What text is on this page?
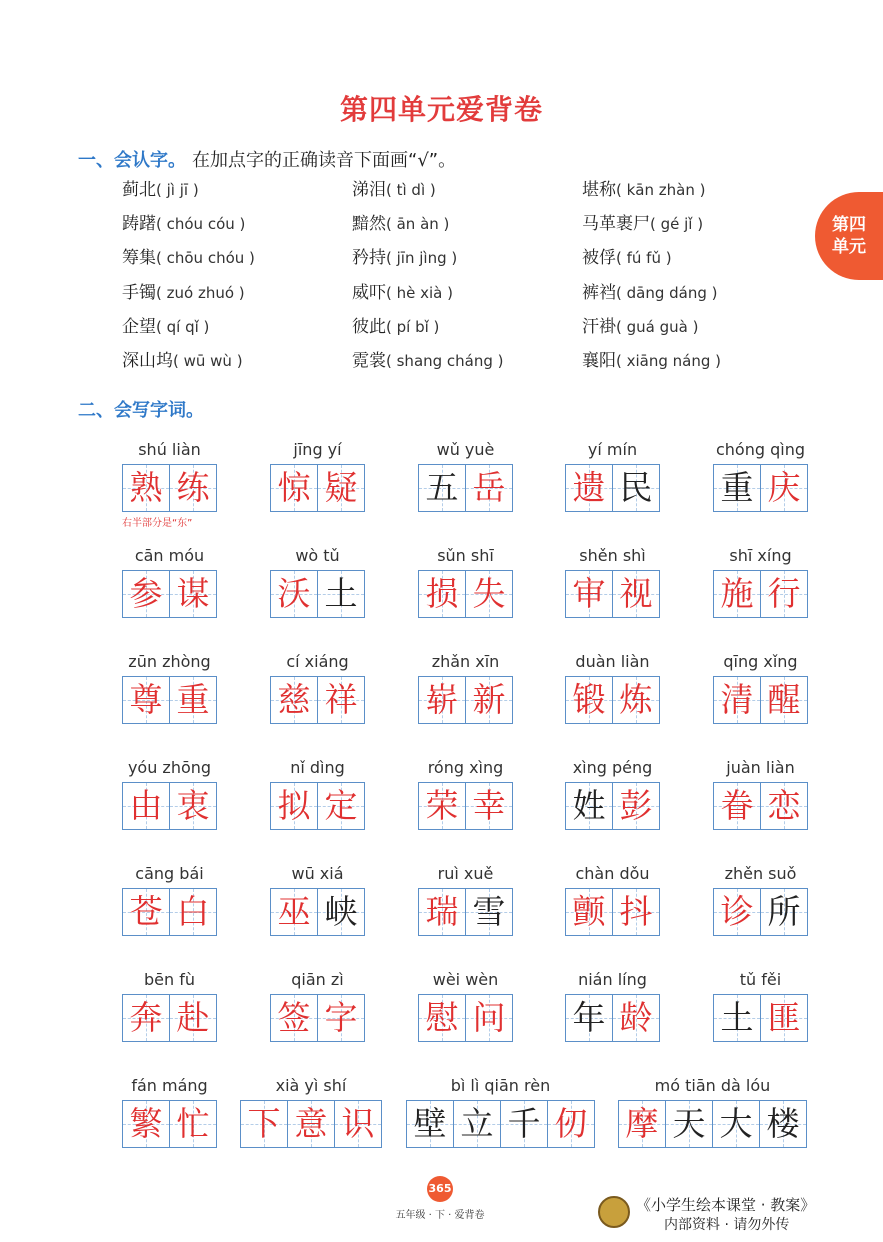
第四单元爱背卷
第四
单元
一、会认字。 在加点字的正确读音下面画“√”。
蓟北( jì jī )	涕泪( tì dì )	堪称( kān zhàn )
踌躇( chóu cóu )	黯然( ān àn )	马革裹尸( gé jǐ )
筹集( chōu chóu )	矜持( jīn jìng )	被俘( fú fǔ )
手镯( zuó zhuó )	威吓( hè xià )	裤裆( dāng dáng )
企望( qí qǐ )	彼此( pí bǐ )	汗褂( guá guà )
深山坞( wū wù )	霓裳( shang cháng )	襄阳( xiāng náng )
二、会写字词。
shú liàn
熟 练
jīng yí
惊 疑
wǔ yuè
五 岳
yí mín
遗 民
chóng qìng
重 庆
cān móu
参 谋
wò tǔ
沃 土
sǔn shī
损 失
shěn shì
审 视
shī xíng
施 行
zūn zhòng
尊 重
cí xiáng
慈 祥
zhǎn xīn
崭 新
duàn liàn
锻 炼
qīng xǐng
清 醒
yóu zhōng
由 衷
nǐ dìng
拟 定
róng xìng
荣 幸
xìng péng
姓 彭
juàn liàn
眷 恋
cāng bái
苍 白
wū xiá
巫 峡
ruì xuě
瑞 雪
chàn dǒu
颤 抖
zhěn suǒ
诊 所
bēn fù
奔 赴
qiān zì
签 字
wèi wèn
慰 问
nián líng
年 龄
tǔ fěi
土 匪
fán máng
繁 忙
xià yì shí
下 意 识
bì lì qiān rèn
壁 立 千 仞
mó tiān dà lóu
摩 天 大 楼
右半部分是“东”
365
五年级 · 下 · 爱背卷
《小学生绘本课堂 · 教案》
内部资料 · 请勿外传
